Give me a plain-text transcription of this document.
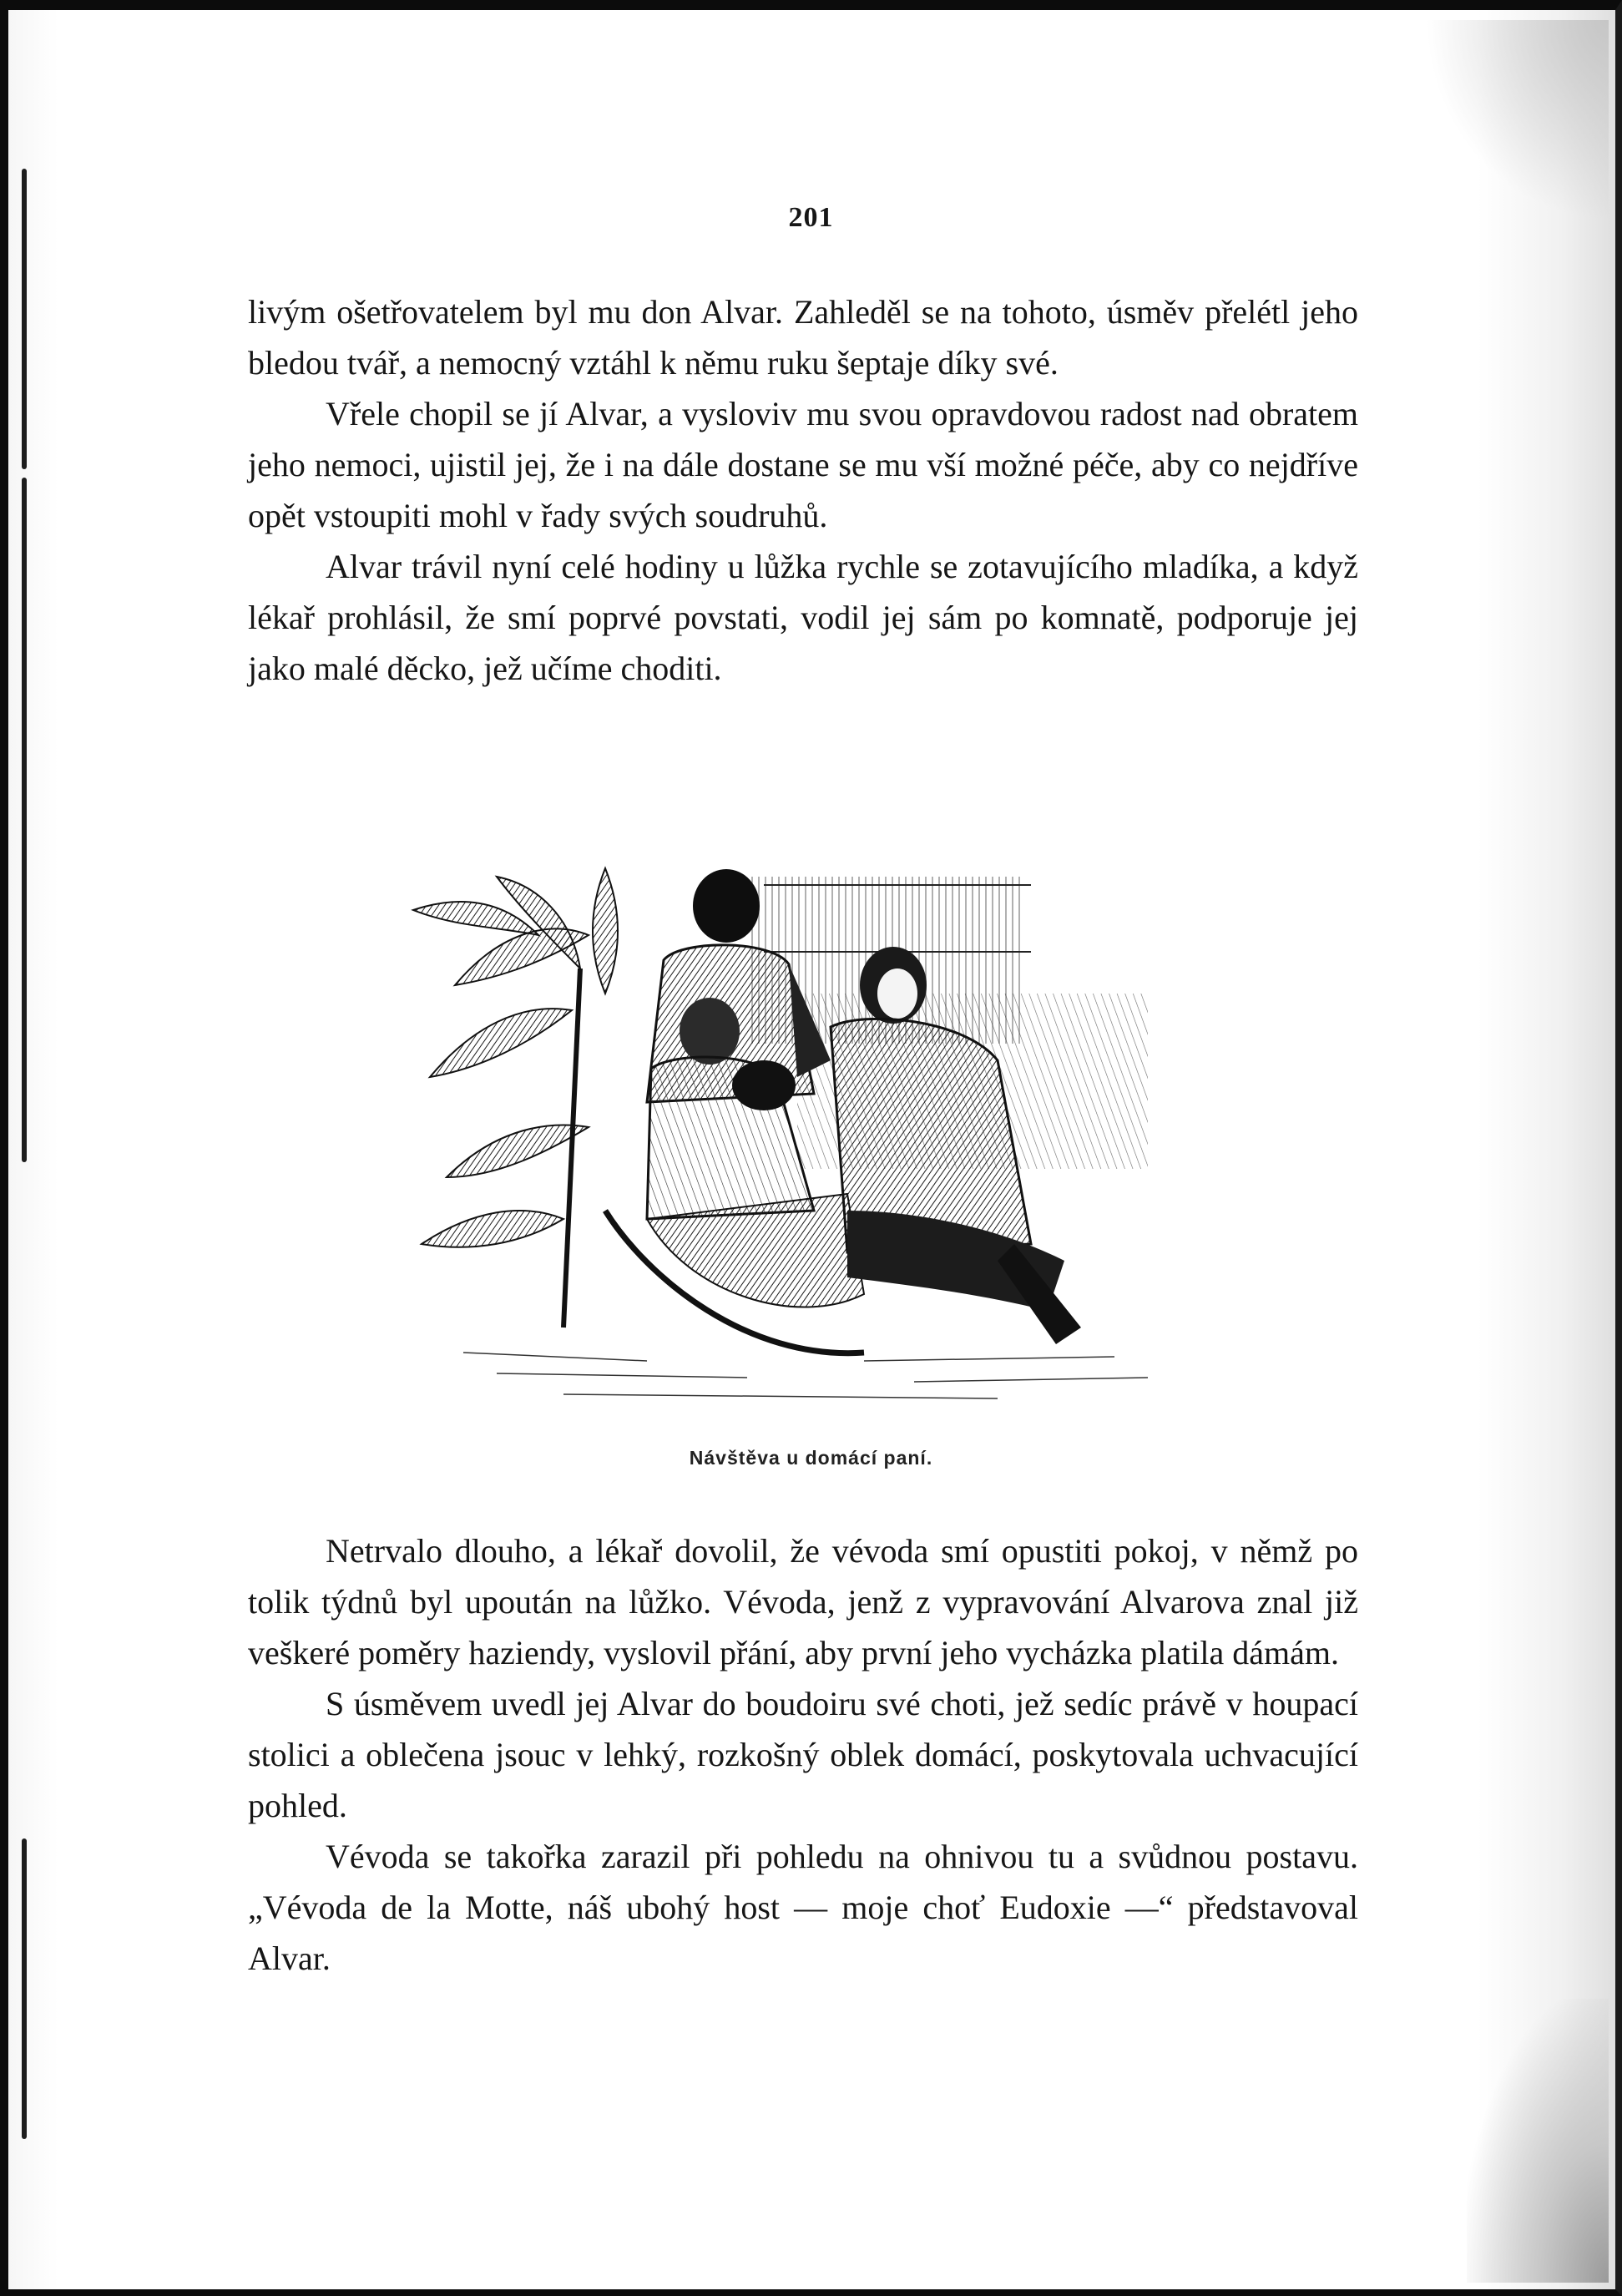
201

livým ošetřovatelem byl mu don Alvar. Zahleděl se na tohoto, úsměv přelétl jeho bledou tvář, a nemocný vztáhl k němu ruku šeptaje díky své.

Vřele chopil se jí Alvar, a vysloviv mu svou opravdovou radost nad obratem jeho nemoci, ujistil jej, že i na dále dostane se mu vší možné péče, aby co nejdříve opět vstoupiti mohl v řady svých soudruhů.

Alvar trávil nyní celé hodiny u lůžka rychle se zotavujícího mladíka, a když lékař prohlásil, že smí poprvé povstati, vodil jej sám po komnatě, podporuje jej jako malé děcko, jež učíme choditi.

Návštěva u domácí paní.

Netrvalo dlouho, a lékař dovolil, že vévoda smí opustiti pokoj, v němž po tolik týdnů byl upoután na lůžko. Vévoda, jenž z vypravování Alvarova znal již veškeré poměry haziendy, vyslovil přání, aby první jeho vycházka platila dámám.

S úsměvem uvedl jej Alvar do boudoiru své choti, jež sedíc právě v houpací stolici a oblečena jsouc v lehký, rozkošný oblek domácí, poskytovala uchvacující pohled.

Vévoda se takořka zarazil při pohledu na ohnivou tu a svůdnou postavu. „Vévoda de la Motte, náš ubohý host — moje choť Eudoxie —“ představoval Alvar.
